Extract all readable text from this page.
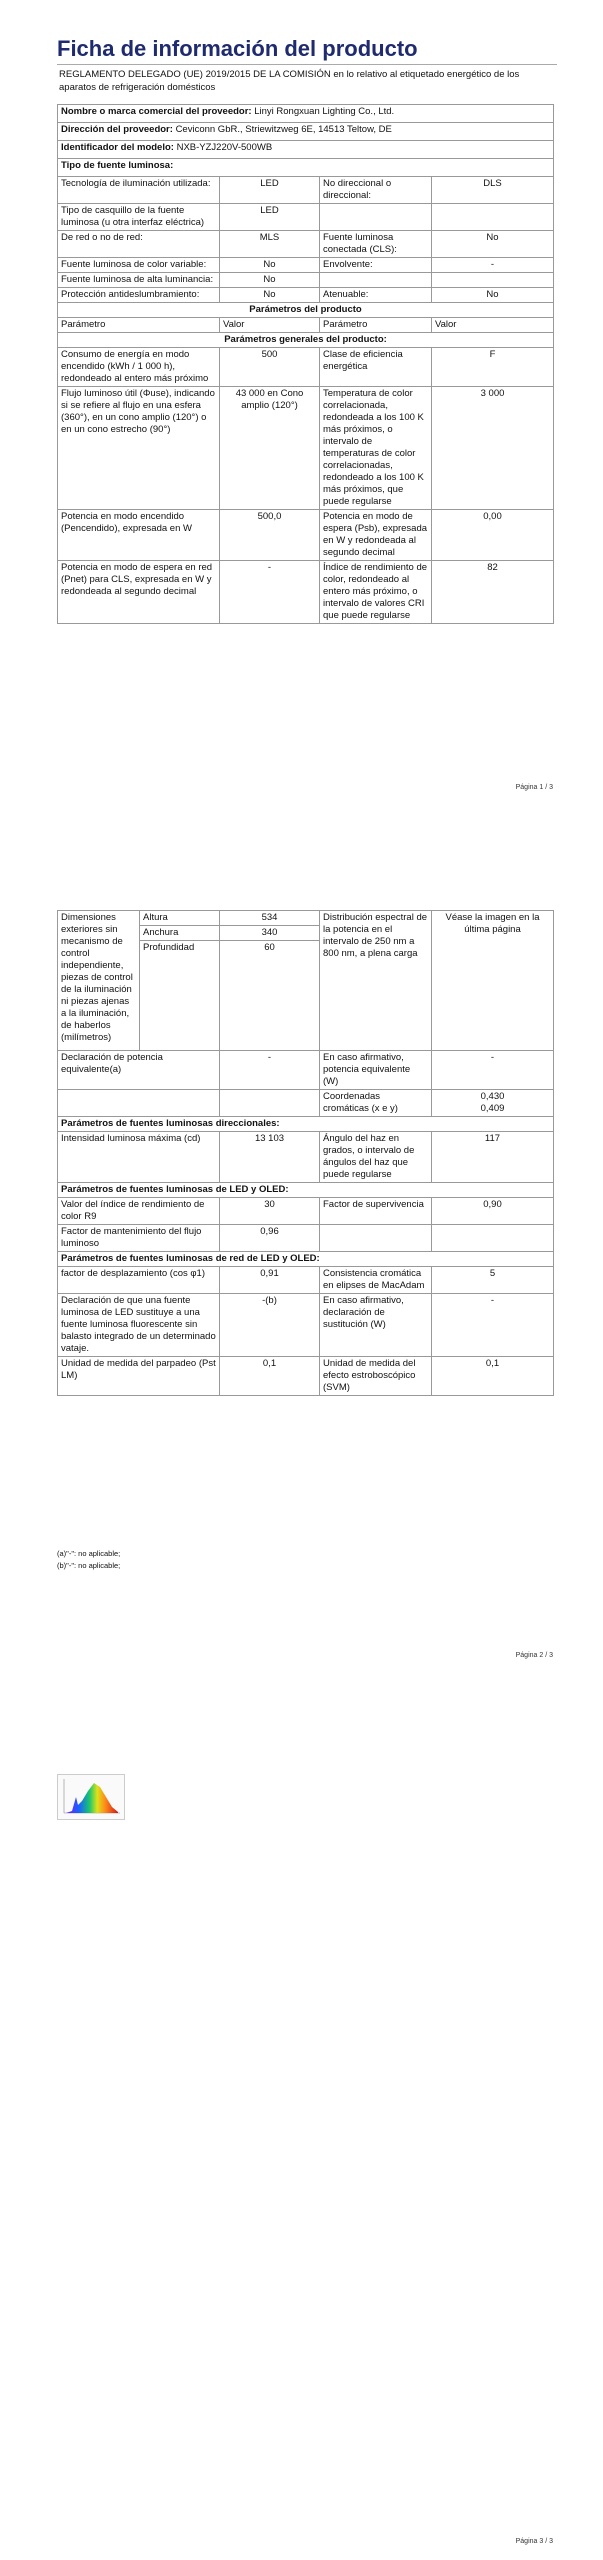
Ficha de información del producto
REGLAMENTO DELEGADO (UE) 2019/2015 DE LA COMISIÓN en lo relativo al etiquetado energético de los aparatos de refrigeración domésticos
Nombre o marca comercial del proveedor: Linyi Rongxuan Lighting Co., Ltd.			
Dirección del proveedor: Ceviconn GbR., Striewitzweg 6E, 14513 Teltow, DE			
Identificador del modelo: NXB-YZJ220V-500WB			
Tipo de fuente luminosa:			
Tecnología de iluminación utilizada:	LED	No direccional o direccional:	DLS
Tipo de casquillo de la fuente luminosa (u otra interfaz eléctrica)	LED		
De red o no de red:	MLS	Fuente luminosa conectada (CLS):	No
Fuente luminosa de color variable:	No	Envolvente:	-
Fuente luminosa de alta luminancia:	No		
Protección antideslumbramiento:	No	Atenuable:	No
Parámetros del producto			
Parámetro	Valor	Parámetro	Valor
Parámetros generales del producto:			
Consumo de energía en modo encendido (kWh / 1 000 h), redondeado al entero más próximo	500	Clase de eficiencia energética	F
Flujo luminoso útil (Φuse), indicando si se refiere al flujo en una esfera (360°), en un cono amplio (120°) o en un cono estrecho (90°)	43 000 en Cono amplio (120°)	Temperatura de color correlacionada, redondeada a los 100 K más próximos, o intervalo de temperaturas de color correlacionadas, redondeado a los 100 K más próximos, que puede regularse	3 000
Potencia en modo encendido (Pencendido), expresada en W	500,0	Potencia en modo de espera (Psb), expresada en W y redondeada al segundo decimal	0,00
Potencia en modo de espera en red (Pnet) para CLS, expresada en W y redondeada al segundo decimal	-	Índice de rendimiento de color, redondeado al entero más próximo, o intervalo de valores CRI que puede regularse	82
Página 1 / 3
Dimensiones exteriores sin mecanismo de control independiente, piezas de control de la iluminación ni piezas ajenas a la iluminación, de haberlos (milímetros)	Altura	534	Distribución espectral de la potencia en el intervalo de 250 nm a 800 nm, a plena carga	Véase la imagen en la última página
	Anchura	340		
	Profundidad	60		
Declaración de potencia equivalente(a)		-	En caso afirmativo, potencia equivalente (W)	-
			Coordenadas cromáticas (x e y)	0,430
0,409
Parámetros de fuentes luminosas direccionales:				
Intensidad luminosa máxima (cd)		13 103	Ángulo del haz en grados, o intervalo de ángulos del haz que puede regularse	117
Parámetros de fuentes luminosas de LED y OLED:				
Valor del índice de rendimiento de color R9		30	Factor de supervivencia	0,90
Factor de mantenimiento del flujo luminoso		0,96		
Parámetros de fuentes luminosas de red de LED y OLED:				
factor de desplazamiento (cos φ1)		0,91	Consistencia cromática en elipses de MacAdam	5
Declaración de que una fuente luminosa de LED sustituye a una fuente luminosa fluorescente sin balasto integrado de un determinado vataje.		-(b)	En caso afirmativo, declaración de sustitución (W)	-
Unidad de medida del parpadeo (Pst LM)		0,1	Unidad de medida del efecto estroboscópico (SVM)	0,1
(a)"-": no aplicable;
(b)"-": no aplicable;
Página 2 / 3
Página 3 / 3
